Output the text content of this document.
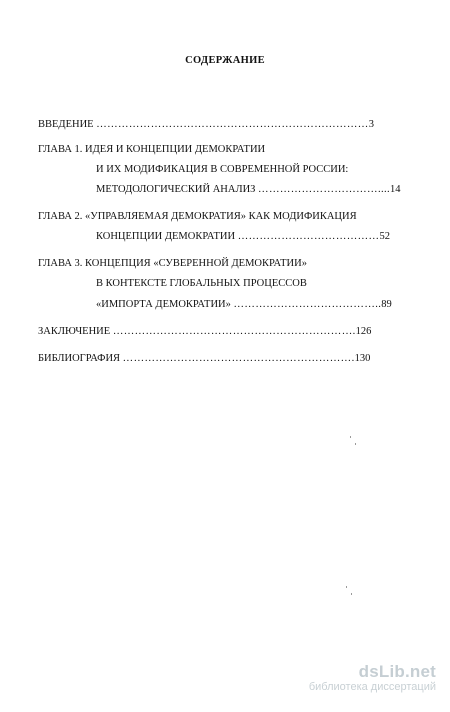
СОДЕРЖАНИЕ
ВВЕДЕНИЕ …………………………………………………………………3
ГЛАВА 1. ИДЕЯ И КОНЦЕПЦИИ ДЕМОКРАТИИ
И ИХ МОДИФИКАЦИЯ В СОВРЕМЕННОЙ РОССИИ:
МЕТОДОЛОГИЧЕСКИЙ АНАЛИЗ ……………………………....14
ГЛАВА 2. «УПРАВЛЯЕМАЯ ДЕМОКРАТИЯ» КАК МОДИФИКАЦИЯ
КОНЦЕПЦИИ ДЕМОКРАТИИ …………………………………52
ГЛАВА 3. КОНЦЕПЦИЯ «СУВЕРЕННОЙ ДЕМОКРАТИИ»
В КОНТЕКСТЕ ГЛОБАЛЬНЫХ ПРОЦЕССОВ
«ИМПОРТА ДЕМОКРАТИИ» …………………………………..89
ЗАКЛЮЧЕНИЕ ………………………………………………………….126
БИБЛИОГРАФИЯ ……………………………………………………….130
dsLib.net
библиотека диссертаций
